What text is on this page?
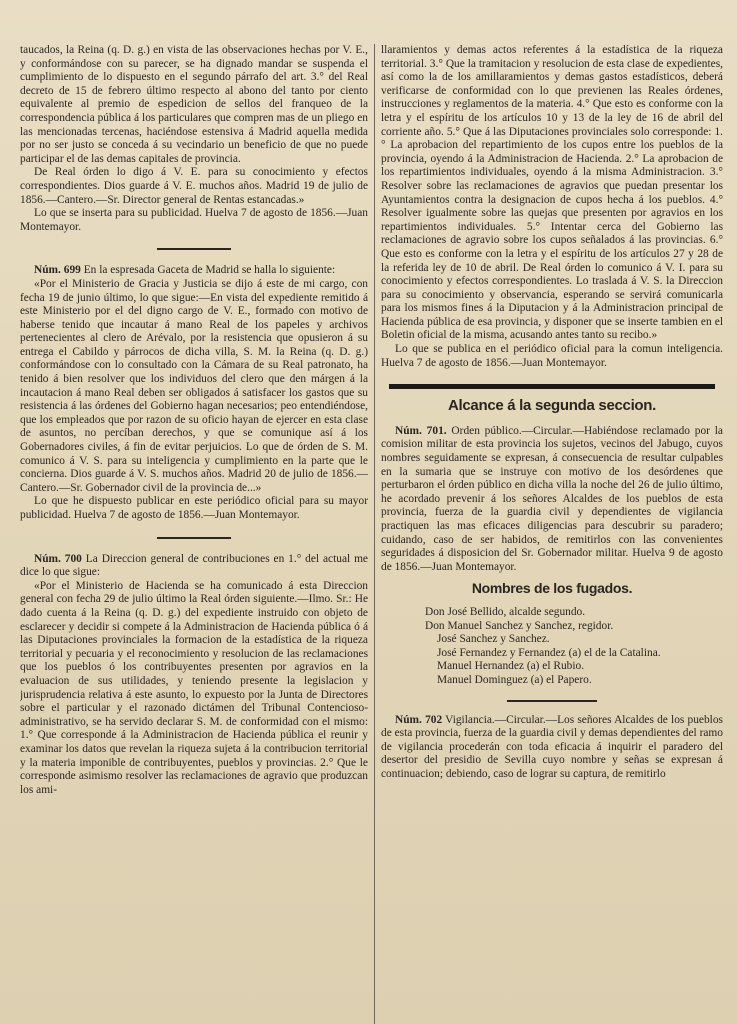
taucados, la Reina (q. D. g.) en vista de las observaciones hechas por V. E., y conformándose con su parecer, se ha dignado mandar se suspenda el cumplimiento de lo dispuesto en el segundo párrafo del art. 3.° del Real decreto de 15 de febrero último respecto al abono del tanto por ciento equivalente al premio de espedicion de sellos del franqueo de la correspondencia pública á los particulares que compren mas de un pliego en las mencionadas tercenas, haciéndose estensiva á Madrid aquella medida por no ser justo se conceda á su vecindario un beneficio de que no puede participar el de las demas capitales de provincia.

De Real órden lo digo á V. E. para su conocimiento y efectos correspondientes. Dios guarde á V. E. muchos años. Madrid 19 de julio de 1856.—Cantero.—Sr. Director general de Rentas estancadas.»

Lo que se inserta para su publicidad. Huelva 7 de agosto de 1856.—Juan Montemayor.

Núm. 699 En la espresada Gaceta de Madrid se halla lo siguiente:

«Por el Ministerio de Gracia y Justicia se dijo á este de mi cargo, con fecha 19 de junio último, lo que sigue:—En vista del expediente remitido á este Ministerio por el del digno cargo de V. E., formado con motivo de haberse tenido que incautar á mano Real de los papeles y archivos pertenecientes al clero de Arévalo, por la resistencia que opusieron á su entrega el Cabildo y párrocos de dicha villa, S. M. la Reina (q. D. g.) conformándose con lo consultado con la Cámara de su Real patronato, ha tenido á bien resolver que los individuos del clero que den márgen á la incautacion á mano Real deben ser obligados á satisfacer los gastos que su resistencia á las órdenes del Gobierno hagan necesarios; peo entendiéndose, que los empleados que por razon de su oficio hayan de ejercer en esta clase de asuntos, no percíban derechos, y que se comunique así á los Gobernadores civiles, á fin de evitar perjuicios. Lo que de órden de S. M. comunico á V. S. para su inteligencia y cumplimiento en la parte que le concierna. Dios guarde á V. S. muchos años. Madrid 20 de julio de 1856.—Cantero.—Sr. Gobernador civil de la provincia de...»

Lo que he dispuesto publicar en este periódico oficial para su mayor publicidad. Huelva 7 de agosto de 1856.—Juan Montemayor.

Núm. 700 La Direccion general de contribuciones en 1.° del actual me dice lo que sigue:

«Por el Ministerio de Hacienda se ha comunicado á esta Direccion general con fecha 29 de julio último la Real órden siguiente.—Ilmo. Sr.: He dado cuenta á la Reina (q. D. g.) del expediente instruido con objeto de esclarecer y decidir si compete á la Administracion de Hacienda pública ó á las Diputaciones provinciales la formacion de la estadística de la riqueza territorial y pecuaria y el reconocimiento y resolucion de las reclamaciones que los pueblos ó los contribuyentes presenten por agravios en la evaluacion de sus utilidades, y teniendo presente la legislacion y jurisprudencia relativa á este asunto, lo expuesto por la Junta de Directores sobre el particular y el razonado dictámen del Tribunal Contencioso-administrativo, se ha servido declarar S. M. de conformidad con el mismo: 1.° Que corresponde á la Administracion de Hacienda pública el reunir y examinar los datos que revelan la riqueza sujeta á la contribucion territorial y la materia imponible de contribuyentes, pueblos y provincias. 2.° Que le corresponde asimismo resolver las reclamaciones de agravio que produzcan los ami-

llaramientos y demas actos referentes á la estadística de la riqueza territorial. 3.° Que la tramitacion y resolucion de esta clase de expedientes, así como la de los amillaramientos y demas gastos estadísticos, deberá verificarse de conformidad con lo que previenen las Reales órdenes, instrucciones y reglamentos de la materia. 4.° Que esto es conforme con la letra y el espíritu de los artículos 10 y 13 de la ley de 16 de abril del corriente año. 5.° Que á las Diputaciones provinciales solo corresponde: 1.° La aprobacion del repartimiento de los cupos entre los pueblos de la provincia, oyendo á la Administracion de Hacienda. 2.° La aprobacion de los repartimientos individuales, oyendo á la misma Administracion. 3.° Resolver sobre las reclamaciones de agravios que puedan presentar los Ayuntamientos contra la designacion de cupos hecha á los pueblos. 4.° Resolver igualmente sobre las quejas que presenten por agravios en los repartimientos individuales. 5.° Intentar cerca del Gobierno las reclamaciones de agravio sobre los cupos señalados á las provincias. 6.° Que esto es conforme con la letra y el espíritu de los artículos 27 y 28 de la referida ley de 10 de abril. De Real órden lo comunico á V. I. para su conocimiento y efectos correspondientes. Lo traslada á V. S. la Direccion para su conocimiento y observancia, esperando se servirá comunicarla para los mismos fines á la Diputacion y á la Administracion principal de Hacienda pública de esa provincia, y disponer que se inserte tambien en el Boletin oficial de la misma, acusando antes tanto su recibo.»

Lo que se publica en el periódico oficial para la comun inteligencia. Huelva 7 de agosto de 1856.—Juan Montemayor.

Alcance á la segunda seccion.

Núm. 701. Orden público.—Circular.—Habiéndose reclamado por la comision militar de esta provincia los sujetos, vecinos del Jabugo, cuyos nombres seguidamente se expresan, á consecuencia de resultar culpables en la sumaria que se instruye con motivo de los desórdenes que perturbaron el órden público en dicha villa la noche del 26 de julio último, he acordado prevenir á los señores Alcaldes de los pueblos de esta provincia, fuerza de la guardia civil y dependientes de vigilancia practiquen las mas eficaces diligencias para descubrir su paradero; cuidando, caso de ser habidos, de remitirlos con las convenientes seguridades á disposicion del Sr. Gobernador militar. Huelva 9 de agosto de 1856.—Juan Montemayor.

Nombres de los fugados.
Don José Bellido, alcalde segundo.
Don Manuel Sanchez y Sanchez, regidor.
José Sanchez y Sanchez.
José Fernandez y Fernandez (a) el de la Catalina.
Manuel Hernandez (a) el Rubio.
Manuel Dominguez (a) el Papero.

Núm. 702 Vigilancia.—Circular.—Los señores Alcaldes de los pueblos de esta provincia, fuerza de la guardia civil y demas dependientes del ramo de vigilancia procederán con toda eficacia á inquirir el paradero del desertor del presidio de Sevilla cuyo nombre y señas se expresan á continuacion; debiendo, caso de lograr su captura, de remitirlo
